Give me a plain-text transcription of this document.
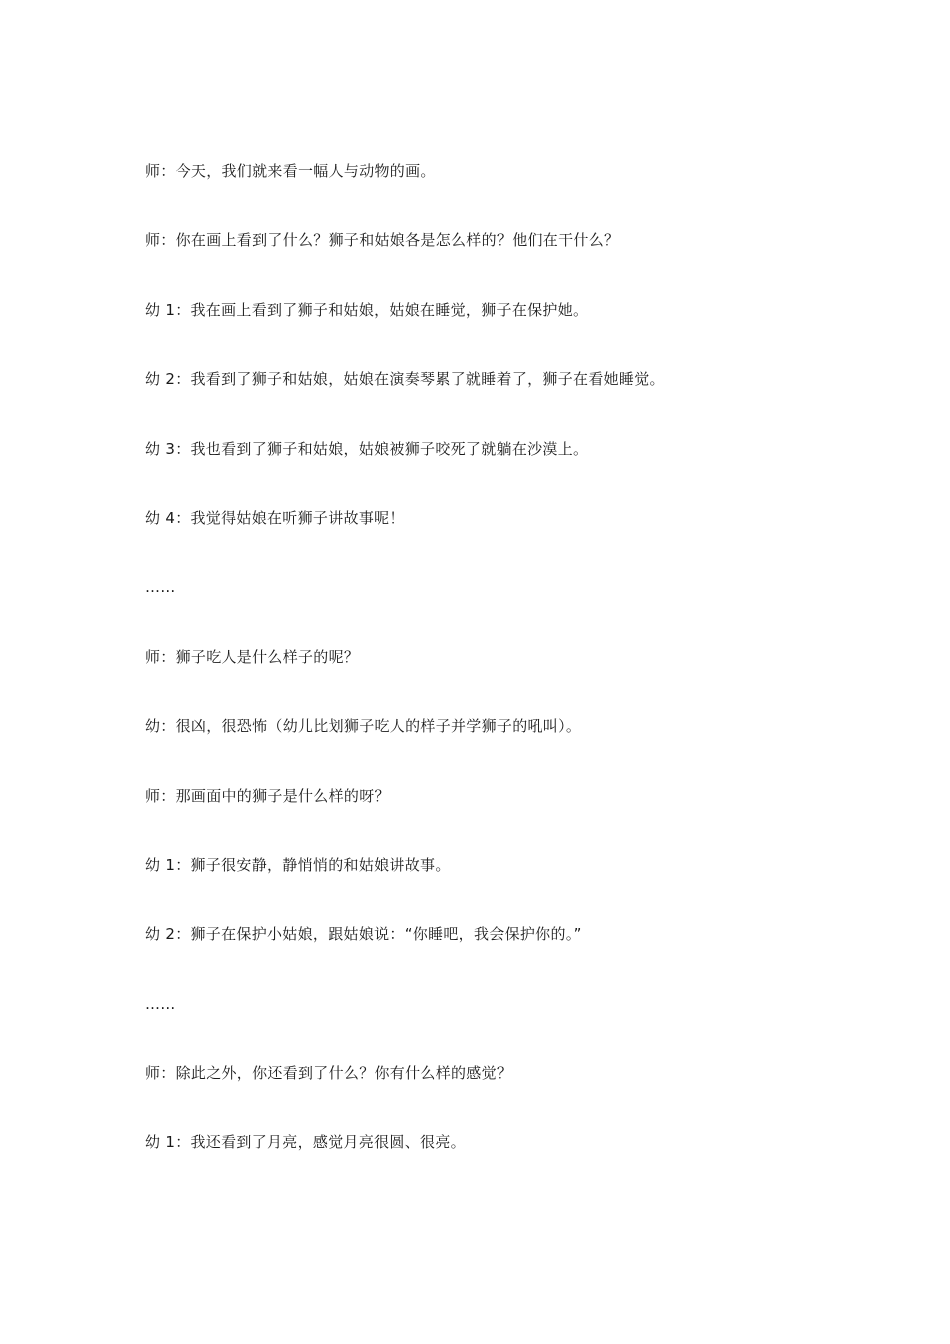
师：今天，我们就来看一幅人与动物的画。
师：你在画上看到了什么？狮子和姑娘各是怎么样的？他们在干什么？
幼 1：我在画上看到了狮子和姑娘，姑娘在睡觉，狮子在保护她。
幼 2：我看到了狮子和姑娘，姑娘在演奏琴累了就睡着了，狮子在看她睡觉。
幼 3：我也看到了狮子和姑娘，姑娘被狮子咬死了就躺在沙漠上。
幼 4：我觉得姑娘在听狮子讲故事呢！
……
师：狮子吃人是什么样子的呢？
幼：很凶，很恐怖（幼儿比划狮子吃人的样子并学狮子的吼叫）。
师：那画面中的狮子是什么样的呀？
幼 1：狮子很安静，静悄悄的和姑娘讲故事。
幼 2：狮子在保护小姑娘，跟姑娘说：“你睡吧，我会保护你的。”
……
师：除此之外，你还看到了什么？你有什么样的感觉？
幼 1：我还看到了月亮，感觉月亮很圆、很亮。
